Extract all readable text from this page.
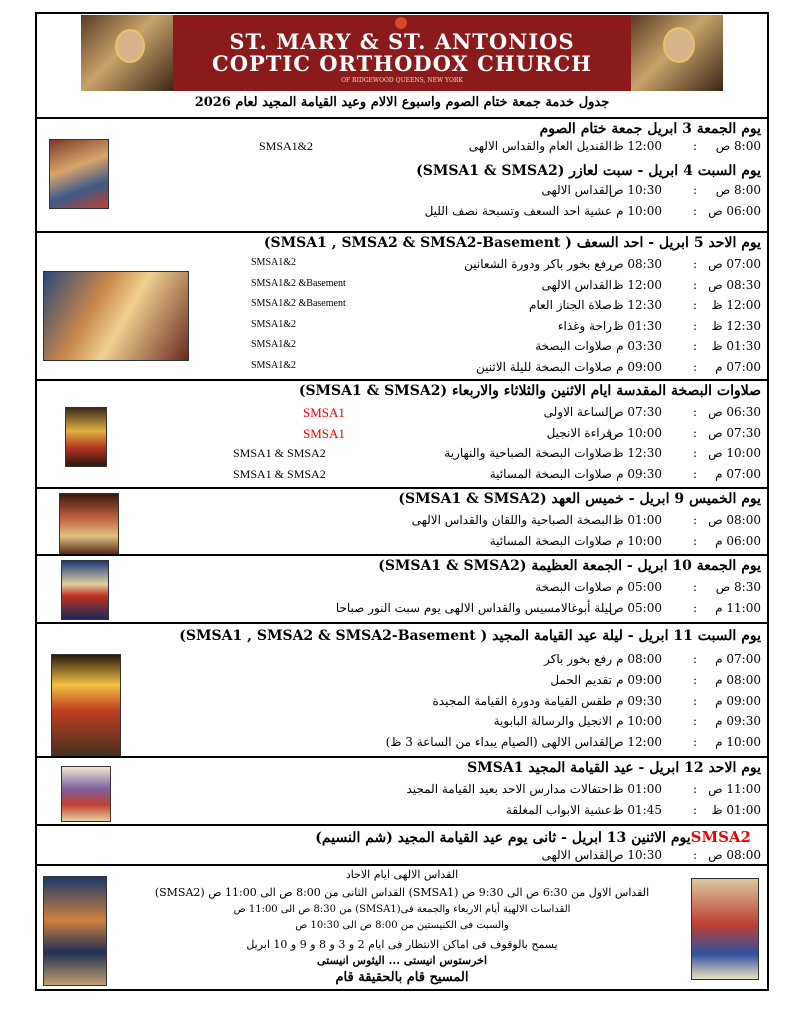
ST. MARY & ST. ANTONIOS
COPTIC ORTHODOX CHURCH
OF RIDGEWOOD QUEENS, NEW YORK
جدول خدمة جمعة ختام الصوم واسبوع الالام وعيد القيامة المجيد لعام 2026
يوم الجمعة 3 ابريل جمعة ختام الصوم
8:00 ص
:
12:00 ظ
القنديل العام والقداس الالهى
SMSA1&2
يوم السبت 4 ابريل - سبت لعازر (SMSA1 & SMSA2)
8:00 ص
:
10:30 ص
القداس الالهى
06:00 ص
:
10:00 م
عشية احد السعف وتسبحة نصف الليل
يوم الاحد 5 ابريل - احد السعف ( SMSA1 , SMSA2 & SMSA2-Basement)
07:00 ص
:
08:30 ص
رفع بخور باكر ودورة الشعانين
SMSA1&2
08:30 ص
:
12:00 ظ
القداس الالهى
SMSA1&2 &Basement
12:00 ظ
:
12:30 ظ
صلاة الجناز العام
SMSA1&2 &Basement
12:30 ظ
:
01:30 ظ
راحة وغذاء
SMSA1&2
01:30 ظ
:
03:30 م
صلاوات البصخة
SMSA1&2
07:00 م
:
09:00 م
صلاوات البصخة لليلة الاثنين
SMSA1&2
صلاوات البصخة المقدسة ايام الاثنين والثلاثاء والاربعاء (SMSA1 & SMSA2)
06:30 ص
:
07:30 ص
الساعة الاولى
SMSA1
07:30 ص
:
10:00 ص
قراءة الانجيل
SMSA1
10:00 ص
:
12:30 ظ
صلاوات البصخة الصباحية والنهارية
SMSA1 & SMSA2
07:00 م
:
09:30 م
صلاوات البصخة المسائية
SMSA1 & SMSA2
يوم الخميس 9 ابريل - خميس العهد (SMSA1 & SMSA2)
08:00 ص
:
01:00 ظ
البصخة الصباحية واللقان والقداس الالهى
06:00 م
:
10:00 م
صلاوات البصخة المسائية
يوم الجمعة 10 ابريل - الجمعة العظيمة (SMSA1 & SMSA2)
8:30 ص
:
05:00 م
صلاوات البصخة
11:00 م
:
05:00 ص
ليلة أبوغالامسيس والقداس الالهى يوم سبت النور صباحا
يوم السبت 11 ابريل - ليلة عيد القيامة المجيد ( SMSA1 , SMSA2 & SMSA2-Basement)
07:00 م
:
08:00 م
رفع بخور باكر
08:00 م
:
09:00 م
تقديم الحمل
09:00 م
:
09:30 م
طقس القيامة ودورة القيامة المجيدة
09:30 م
:
10:00 م
الانجيل والرسالة البابوية
10:00 م
:
12:00 ص
القداس الالهى (الصيام يبداء من الساعة 3 ظ)
يوم الاحد 12 ابريل - عيد القيامة المجيد SMSA1
11:00 ص
:
01:00 ظ
احتفالات مدارس الاحد بعيد القيامة المجيد
01:00 ظ
:
01:45 ظ
عشية الابواب المغلقة
يوم الاثنين 13 ابريل - ثانى يوم عيد القيامة المجيد (شم النسيم)SMSA2
08:00 ص
:
10:30 ص
القداس الالهى
القداس الالهى ايام الاحاد
القداس الاول من 6:30 ص الى 9:30 ص (SMSA1) القداس الثانى من 8:00 ص الى 11:00 ص (SMSA2)
القداسات الالهية أيام الاربعاء والجمعة فى(SMSA1) من 8:30 ص الى 11:00 ص
والسبت فى الكنيستين من 8:00 ص الى 10:30 ص
يسمح بالوقوف فى اماكن الانتظار فى ايام 2 و 3 و 8 و 9 و 10 ابريل
اخرستوس انيستى ... اليثوس انيستى
المسيح قام بالحقيقة قام
